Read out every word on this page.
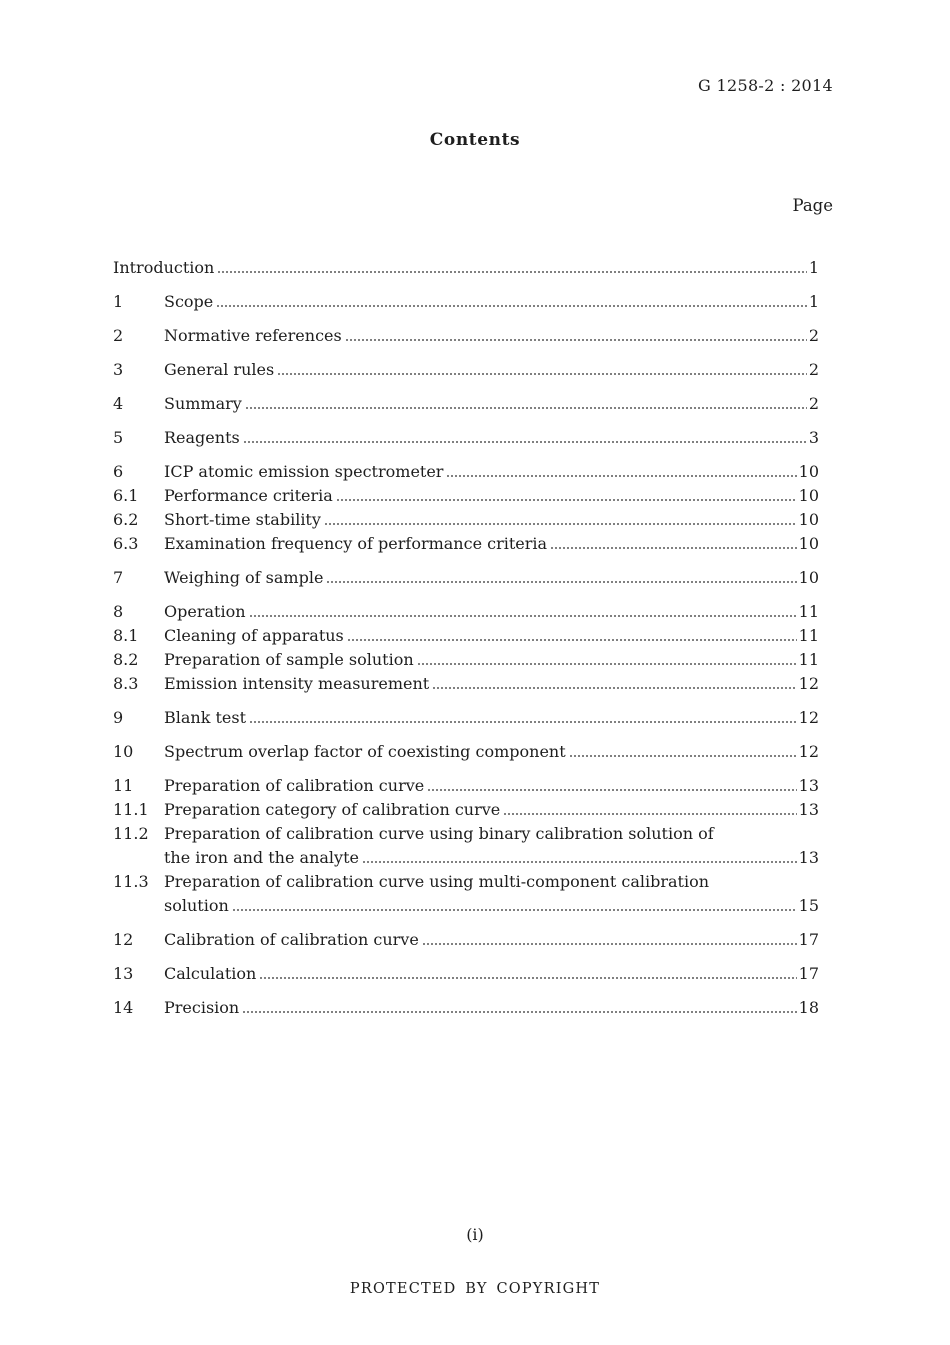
G 1258-2 : 2014
Contents
Page
Introduction	1
1	Scope	1
2	Normative references	2
3	General rules	2
4	Summary	2
5	Reagents	3
6	ICP atomic emission spectrometer	10
6.1	Performance criteria	10
6.2	Short-time stability	10
6.3	Examination frequency of performance criteria	10
7	Weighing of sample	10
8	Operation	11
8.1	Cleaning of apparatus	11
8.2	Preparation of sample solution	11
8.3	Emission intensity measurement	12
9	Blank test	12
10	Spectrum overlap factor of coexisting component	12
11	Preparation of calibration curve	13
11.1 Preparation category of calibration curve	13
11.2 Preparation of calibration curve using binary calibration solution of
the iron and the analyte	13
11.3 Preparation of calibration curve using multi-component calibration
solution	15
12	Calibration of calibration curve	17
13	Calculation	17
14	Precision	18
(i)
PROTECTED BY COPYRIGHT
